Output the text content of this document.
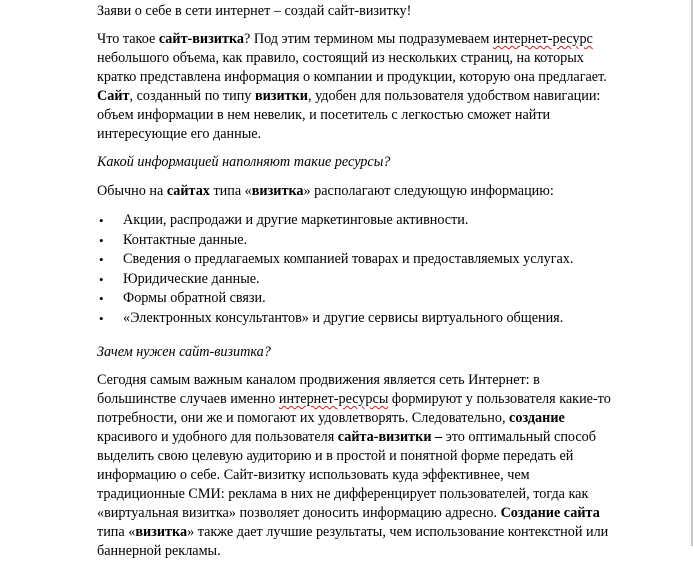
Заяви о себе в сети интернет – создай сайт-визитку!

Что такое сайт-визитка? Под этим термином мы подразумеваем интернет-ресурс небольшого объема, как правило, состоящий из нескольких страниц, на которых кратко представлена информация о компании и продукции, которую она предлагает. Сайт, созданный по типу визитки, удобен для пользователя удобством навигации: объем информации в нем невелик, и посетитель с легкостью сможет найти интересующие его данные.

Какой информацией наполняют такие ресурсы?

Обычно на сайтах типа «визитка» располагают следующую информацию:

• Акции, распродажи и другие маркетинговые активности.
• Контактные данные.
• Сведения о предлагаемых компанией товарах и предоставляемых услугах.
• Юридические данные.
• Формы обратной связи.
• «Электронных консультантов» и другие сервисы виртуального общения.

Зачем нужен сайт-визитка?

Сегодня самым важным каналом продвижения является сеть Интернет: в большинстве случаев именно интернет-ресурсы формируют у пользователя какие-то потребности, они же и помогают их удовлетворять. Следовательно, создание красивого и удобного для пользователя сайта-визитки – это оптимальный способ выделить свою целевую аудиторию и в простой и понятной форме передать ей информацию о себе. Сайт-визитку использовать куда эффективнее, чем традиционные СМИ: реклама в них не дифференцирует пользователей, тогда как «виртуальная визитка» позволяет доносить информацию адресно. Создание сайта типа «визитка» также дает лучшие результаты, чем использование контекстной или баннерной рекламы.
